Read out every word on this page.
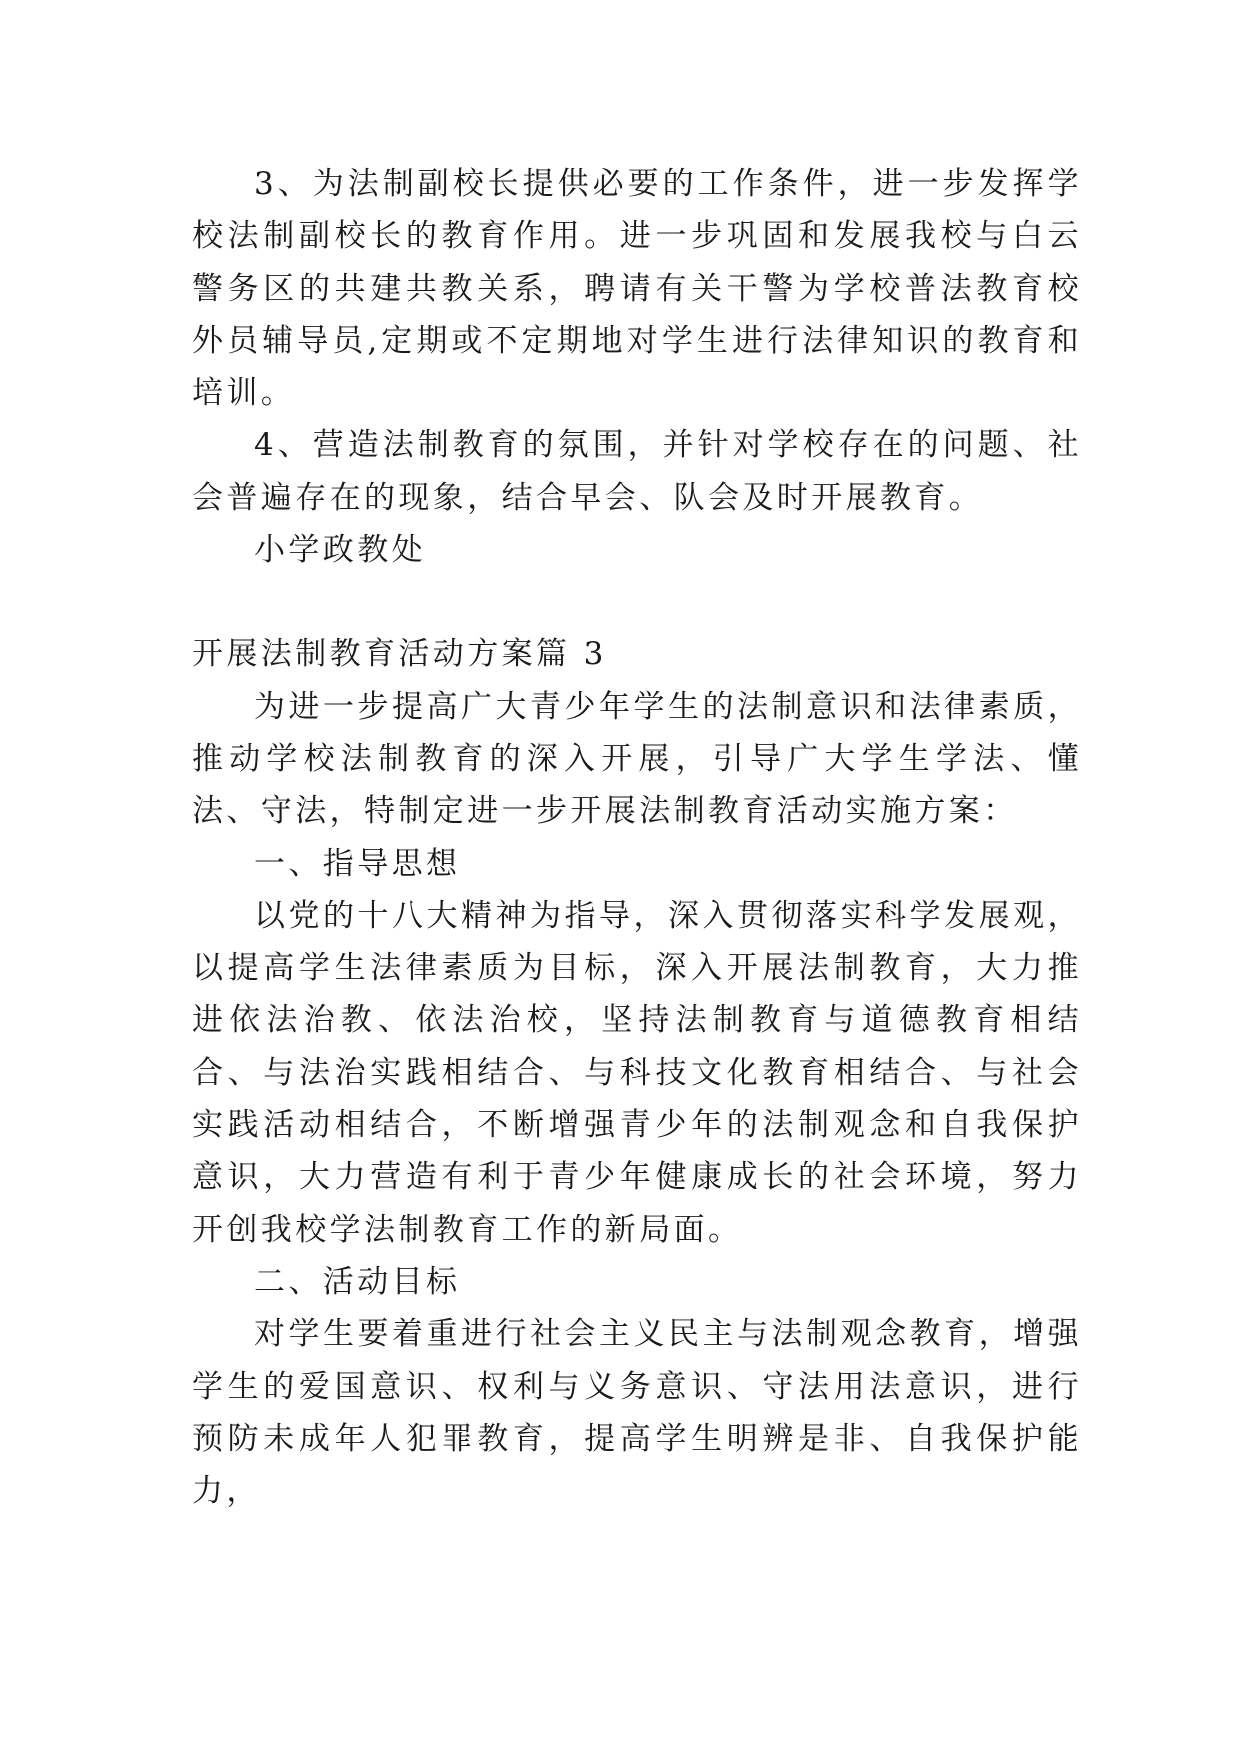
3、为法制副校长提供必要的工作条件，进一步发挥学校法制副校长的教育作用。进一步巩固和发展我校与白云警务区的共建共教关系，聘请有关干警为学校普法教育校外员辅导员,定期或不定期地对学生进行法律知识的教育和培训。

4、营造法制教育的氛围，并针对学校存在的问题、社会普遍存在的现象，结合早会、队会及时开展教育。

小学政教处

开展法制教育活动方案篇 3

为进一步提高广大青少年学生的法制意识和法律素质，推动学校法制教育的深入开展，引导广大学生学法、懂法、守法，特制定进一步开展法制教育活动实施方案：

一、指导思想

以党的十八大精神为指导，深入贯彻落实科学发展观，以提高学生法律素质为目标，深入开展法制教育，大力推进依法治教、依法治校，坚持法制教育与道德教育相结合、与法治实践相结合、与科技文化教育相结合、与社会实践活动相结合，不断增强青少年的法制观念和自我保护意识，大力营造有利于青少年健康成长的社会环境，努力开创我校学法制教育工作的新局面。

二、活动目标

对学生要着重进行社会主义民主与法制观念教育，增强学生的爱国意识、权利与义务意识、守法用法意识，进行预防未成年人犯罪教育，提高学生明辨是非、自我保护能力，
